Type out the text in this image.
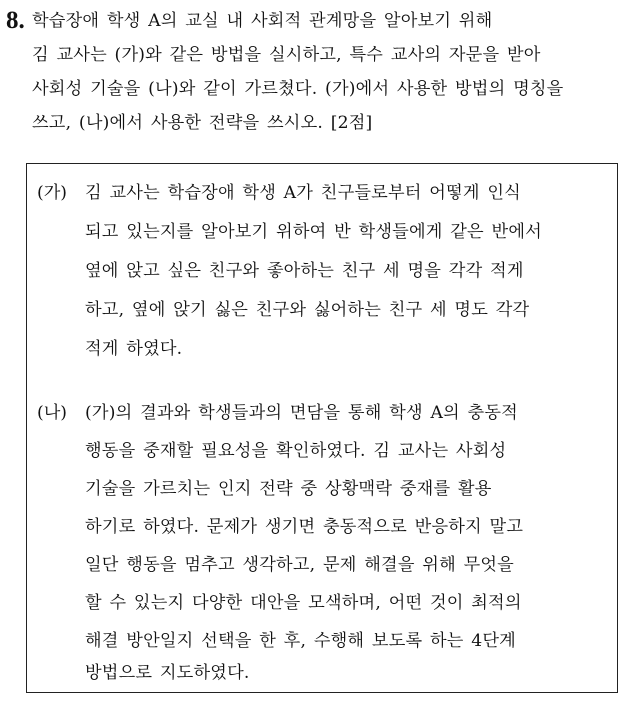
8. 학습장애 학생 A의 교실 내 사회적 관계망을 알아보기 위해
김 교사는 (가)와 같은 방법을 실시하고, 특수 교사의 자문을 받아
사회성 기술을 (나)와 같이 가르쳤다. (가)에서 사용한 방법의 명칭을
쓰고, (나)에서 사용한 전략을 쓰시오. [2점]
(가) 김 교사는 학습장애 학생 A가 친구들로부터 어떻게 인식
되고 있는지를 알아보기 위하여 반 학생들에게 같은 반에서
옆에 앉고 싶은 친구와 좋아하는 친구 세 명을 각각 적게
하고, 옆에 앉기 싫은 친구와 싫어하는 친구 세 명도 각각
적게 하였다.
(나) (가)의 결과와 학생들과의 면담을 통해 학생 A의 충동적
행동을 중재할 필요성을 확인하였다. 김 교사는 사회성
기술을 가르치는 인지 전략 중 상황맥락 중재를 활용
하기로 하였다. 문제가 생기면 충동적으로 반응하지 말고
일단 행동을 멈추고 생각하고, 문제 해결을 위해 무엇을
할 수 있는지 다양한 대안을 모색하며, 어떤 것이 최적의
해결 방안일지 선택을 한 후, 수행해 보도록 하는 4단계
방법으로 지도하였다.
